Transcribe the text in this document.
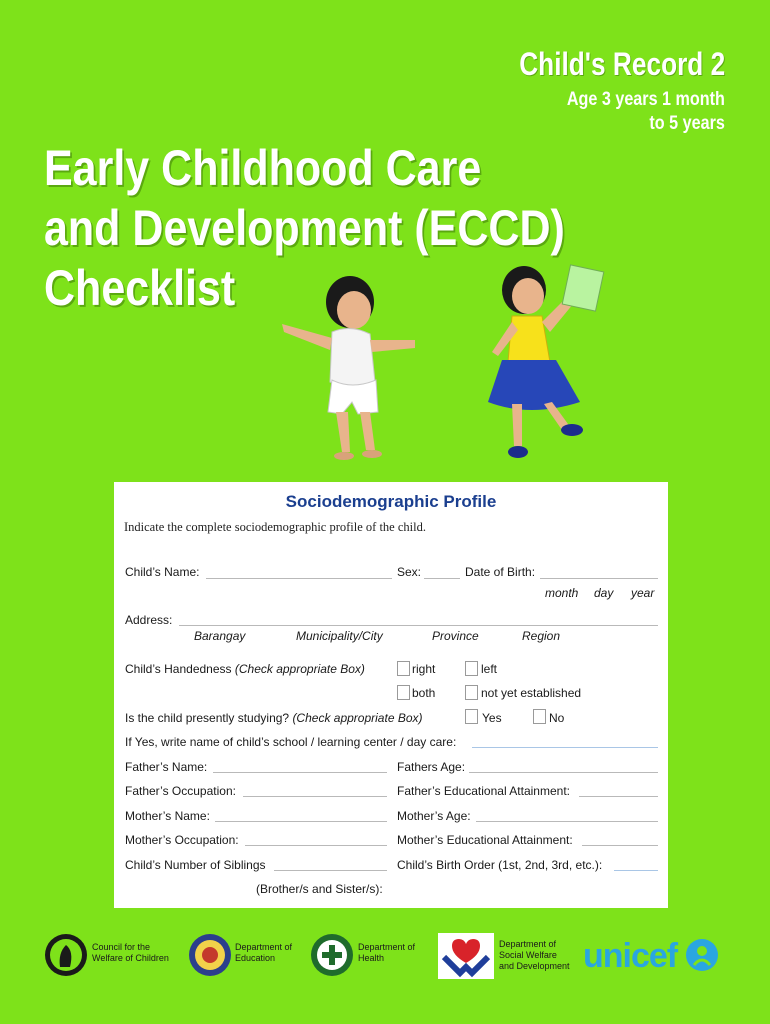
Child's Record 2
Age 3 years 1 month
to 5 years
Early Childhood Care
and Development (ECCD)
Checklist
Sociodemographic Profile
Indicate the complete sociodemographic profile of the child.
Child’s Name:	Sex:	Date of Birth:
month day year
Address:
Barangay	Municipality/City	Province	Region
Child’s Handedness (Check appropriate Box)	right	left
both	not yet established
Is the child presently studying? (Check appropriate Box)	Yes	No
If Yes, write name of child’s school / learning center / day care:
Father’s Name:	Fathers Age:
Father’s Occupation:	Father’s Educational Attainment:
Mother’s Name:	Mother’s Age:
Mother’s Occupation:	Mother’s Educational Attainment:
Child’s Number of Siblings	Child’s Birth Order (1st, 2nd, 3rd, etc.):
(Brother/s and Sister/s):
Council for the
Welfare of Children
Department of
Education
Department of
Health
Department of
Social Welfare
and Development unicef
